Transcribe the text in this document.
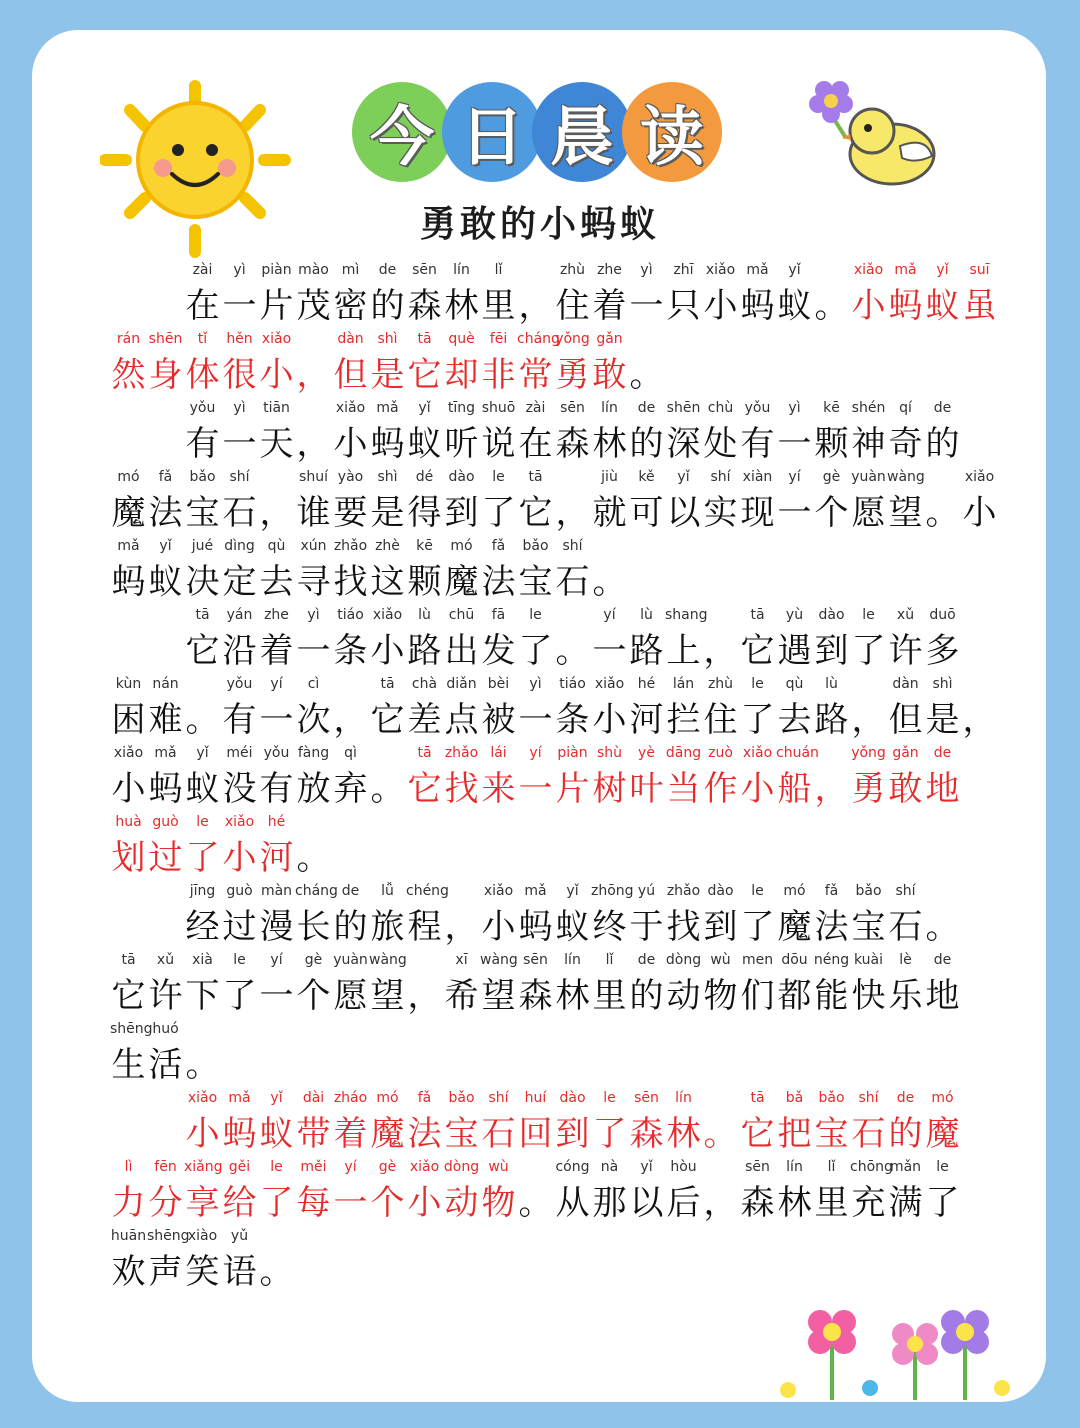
今 日 晨 读
勇敢的小蚂蚁
zài
在
yì
一
piàn
片
mào
茂
mì
密
de
的
sēn
森
lín
林
lǐ
里 ，
zhù
住
zhe
着
yì
一
zhī
只
xiǎo
小
mǎ
蚂
yǐ
蚁 。
xiǎo
小
mǎ
蚂
yǐ
蚁
suī
虽
rán
然
shēn
身
tǐ
体
hěn
很
xiǎo
小 ，
dàn
但
shì
是
tā
它
què
却
fēi
非
cháng
常
yǒng
勇
gǎn
敢 。
yǒu
有
yì
一
tiān
天 ，
xiǎo
小
mǎ
蚂
yǐ
蚁
tīng
听
shuō
说
zài
在
sēn
森
lín
林
de
的
shēn
深
chù
处
yǒu
有
yì
一
kē
颗
shén
神
qí
奇
de
的
mó
魔
fǎ
法
bǎo
宝
shí
石 ，
shuí
谁
yào
要
shì
是
dé
得
dào
到
le
了
tā
它 ，
jiù
就
kě
可
yǐ
以
shí
实
xiàn
现
yí
一
gè
个
yuàn
愿
wàng
望 。
xiǎo
小
mǎ
蚂
yǐ
蚁
jué
决
dìng
定
qù
去
xún
寻
zhǎo
找
zhè
这
kē
颗
mó
魔
fǎ
法
bǎo
宝
shí
石 。
tā
它
yán
沿
zhe
着
yì
一
tiáo
条
xiǎo
小
lù
路
chū
出
fā
发
le
了 。
yí
一
lù
路
shang
上 ，
tā
它
yù
遇
dào
到
le
了
xǔ
许
duō
多
kùn
困
nán
难 。
yǒu
有
yí
一
cì
次 ，
tā
它
chà
差
diǎn
点
bèi
被
yì
一
tiáo
条
xiǎo
小
hé
河
lán
拦
zhù
住
le
了
qù
去
lù
路 ，
dàn
但
shì
是 ，
xiǎo
小
mǎ
蚂
yǐ
蚁
méi
没
yǒu
有
fàng
放
qì
弃 。
tā
它
zhǎo
找
lái
来
yí
一
piàn
片
shù
树
yè
叶
dāng
当
zuò
作
xiǎo
小
chuán
船 ，
yǒng
勇
gǎn
敢
de
地
huà
划
guò
过
le
了
xiǎo
小
hé
河 。
jīng
经
guò
过
màn
漫
cháng
长
de
的
lǚ
旅
chéng
程 ，
xiǎo
小
mǎ
蚂
yǐ
蚁
zhōng
终
yú
于
zhǎo
找
dào
到
le
了
mó
魔
fǎ
法
bǎo
宝
shí
石 。
tā
它
xǔ
许
xià
下
le
了
yí
一
gè
个
yuàn
愿
wàng
望 ，
xī
希
wàng
望
sēn
森
lín
林
lǐ
里
de
的
dòng
动
wù
物
men
们
dōu
都
néng
能
kuài
快
lè
乐
de
地
shēng
生
huó
活 。
xiǎo
小
mǎ
蚂
yǐ
蚁
dài
带
zháo
着
mó
魔
fǎ
法
bǎo
宝
shí
石
huí
回
dào
到
le
了
sēn
森
lín
林 。
tā
它
bǎ
把
bǎo
宝
shí
石
de
的
mó
魔
lì
力
fēn
分
xiǎng
享
gěi
给
le
了
měi
每
yí
一
gè
个
xiǎo
小
dòng
动
wù
物 。
cóng
从
nà
那
yǐ
以
hòu
后 ，
sēn
森
lín
林
lǐ
里
chōng
充
mǎn
满
le
了
huān
欢
shēng
声
xiào
笑
yǔ
语 。
